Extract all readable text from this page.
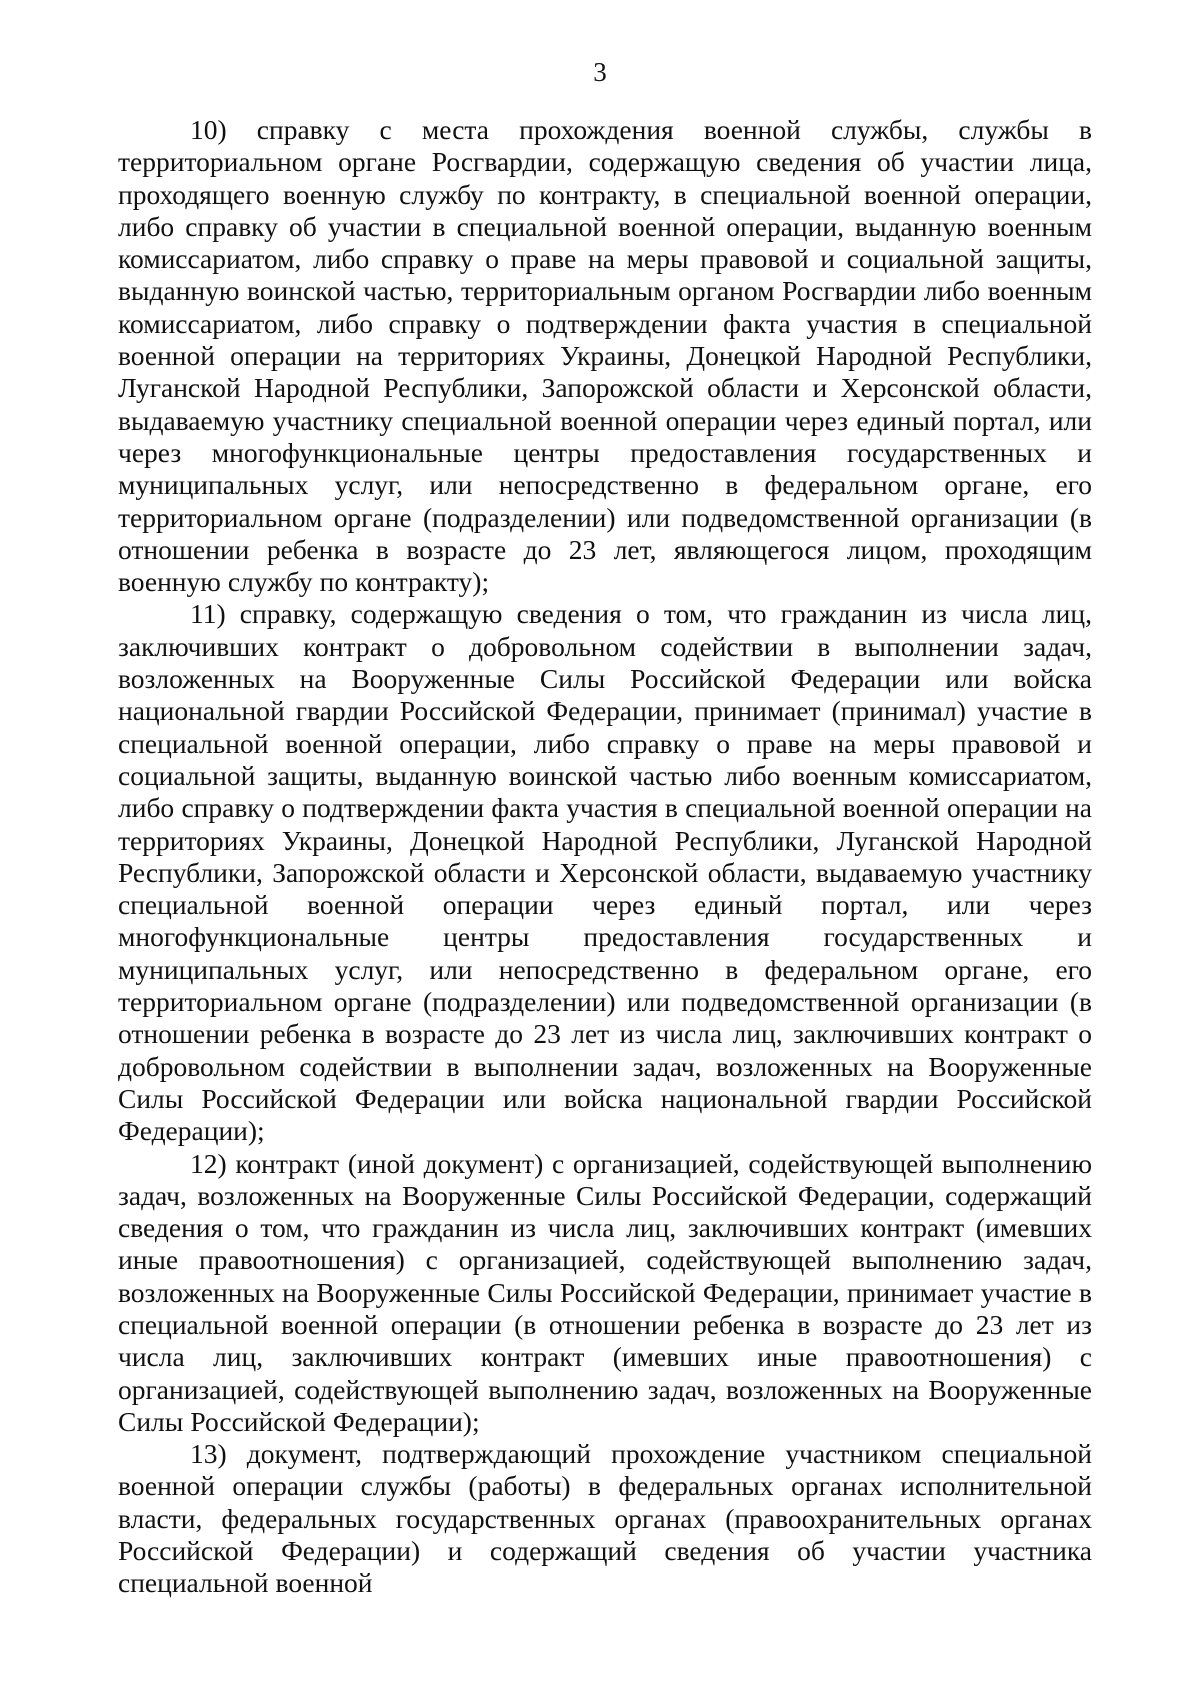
3

10) справку с места прохождения военной службы, службы в территориальном органе Росгвардии, содержащую сведения об участии лица, проходящего военную службу по контракту, в специальной военной операции, либо справку об участии в специальной военной операции, выданную военным комиссариатом, либо справку о праве на меры правовой и социальной защиты, выданную воинской частью, территориальным органом Росгвардии либо военным комиссариатом, либо справку о подтверждении факта участия в специальной военной операции на территориях Украины, Донецкой Народной Республики, Луганской Народной Республики, Запорожской области и Херсонской области, выдаваемую участнику специальной военной операции через единый портал, или через многофункциональные центры предоставления государственных и муниципальных услуг, или непосредственно в федеральном органе, его территориальном органе (подразделении) или подведомственной организации (в отношении ребенка в возрасте до 23 лет, являющегося лицом, проходящим военную службу по контракту);

11) справку, содержащую сведения о том, что гражданин из числа лиц, заключивших контракт о добровольном содействии в выполнении задач, возложенных на Вооруженные Силы Российской Федерации или войска национальной гвардии Российской Федерации, принимает (принимал) участие в специальной военной операции, либо справку о праве на меры правовой и социальной защиты, выданную воинской частью либо военным комиссариатом, либо справку о подтверждении факта участия в специальной военной операции на территориях Украины, Донецкой Народной Республики, Луганской Народной Республики, Запорожской области и Херсонской области, выдаваемую участнику специальной военной операции через единый портал, или через многофункциональные центры предоставления государственных и муниципальных услуг, или непосредственно в федеральном органе, его территориальном органе (подразделении) или подведомственной организации (в отношении ребенка в возрасте до 23 лет из числа лиц, заключивших контракт о добровольном содействии в выполнении задач, возложенных на Вооруженные Силы Российской Федерации или войска национальной гвардии Российской Федерации);

12) контракт (иной документ) с организацией, содействующей выполнению задач, возложенных на Вооруженные Силы Российской Федерации, содержащий сведения о том, что гражданин из числа лиц, заключивших контракт (имевших иные правоотношения) с организацией, содействующей выполнению задач, возложенных на Вооруженные Силы Российской Федерации, принимает участие в специальной военной операции (в отношении ребенка в возрасте до 23 лет из числа лиц, заключивших контракт (имевших иные правоотношения) с организацией, содействующей выполнению задач, возложенных на Вооруженные Силы Российской Федерации);

13) документ, подтверждающий прохождение участником специальной военной операции службы (работы) в федеральных органах исполнительной власти, федеральных государственных органах (правоохранительных органах Российской Федерации) и содержащий сведения об участии участника специальной военной
